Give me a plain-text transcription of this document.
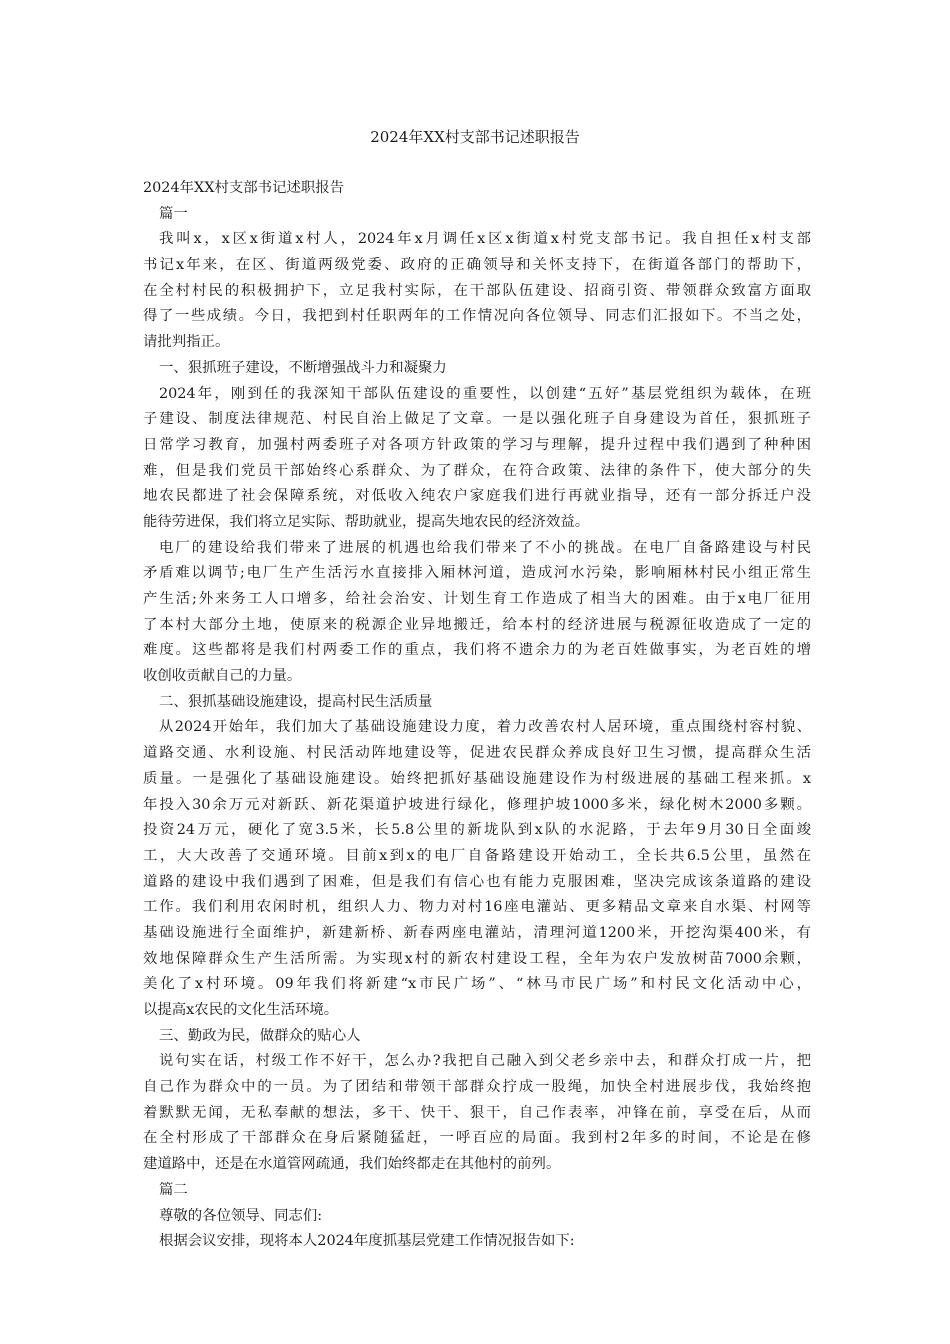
2024年XX村支部书记述职报告
2024年XX村支部书记述职报告
篇一
我叫x，x区x街道x村人，2024年x月调任x区x街道x村党支部书记。我自担任x村支部
书记x年来，在区、街道两级党委、政府的正确领导和关怀支持下，在街道各部门的帮助下，
在全村村民的积极拥护下，立足我村实际，在干部队伍建设、招商引资、带领群众致富方面取
得了一些成绩。今日，我把到村任职两年的工作情况向各位领导、同志们汇报如下。不当之处，
请批判指正。
一、狠抓班子建设，不断增强战斗力和凝聚力
2024年，刚到任的我深知干部队伍建设的重要性，以创建“五好”基层党组织为载体，在班
子建设、制度法律规范、村民自治上做足了文章。一是以强化班子自身建设为首任，狠抓班子
日常学习教育，加强村两委班子对各项方针政策的学习与理解，提升过程中我们遇到了种种困
难，但是我们党员干部始终心系群众、为了群众，在符合政策、法律的条件下，使大部分的失
地农民都进了社会保障系统，对低收入纯农户家庭我们进行再就业指导，还有一部分拆迁户没
能待劳进保，我们将立足实际、帮助就业，提高失地农民的经济效益。
电厂的建设给我们带来了进展的机遇也给我们带来了不小的挑战。在电厂自备路建设与村民
矛盾难以调节;电厂生产生活污水直接排入厢林河道，造成河水污染，影响厢林村民小组正常生
产生活;外来务工人口增多，给社会治安、计划生育工作造成了相当大的困难。由于x电厂征用
了本村大部分土地，使原来的税源企业异地搬迁，给本村的经济进展与税源征收造成了一定的
难度。这些都将是我们村两委工作的重点，我们将不遗余力的为老百姓做事实，为老百姓的增
收创收贡献自己的力量。
二、狠抓基础设施建设，提高村民生活质量
从2024开始年，我们加大了基础设施建设力度，着力改善农村人居环境，重点围绕村容村貌、
道路交通、水利设施、村民活动阵地建设等，促进农民群众养成良好卫生习惯，提高群众生活
质量。一是强化了基础设施建设。始终把抓好基础设施建设作为村级进展的基础工程来抓。x
年投入30余万元对新跃、新花渠道护坡进行绿化，修理护坡1000多米，绿化树木2000多颗。
投资24万元，硬化了宽3.5米，长5.8公里的新垅队到x队的水泥路，于去年9月30日全面竣
工，大大改善了交通环境。目前x到x的电厂自备路建设开始动工，全长共6.5公里，虽然在
道路的建设中我们遇到了困难，但是我们有信心也有能力克服困难，坚决完成该条道路的建设
工作。我们利用农闲时机，组织人力、物力对村16座电灌站、更多精品文章来自水渠、村网等
基础设施进行全面维护，新建新桥、新春两座电灌站，清理河道1200米，开挖沟渠400米，有
效地保障群众生产生活所需。为实现x村的新农村建设工程，全年为农户发放树苗7000余颗，
美化了x村环境。09年我们将新建“x市民广场”、“林马市民广场”和村民文化活动中心，
以提高x农民的文化生活环境。
三、勤政为民，做群众的贴心人
说句实在话，村级工作不好干，怎么办?我把自己融入到父老乡亲中去，和群众打成一片，把
自己作为群众中的一员。为了团结和带领干部群众拧成一股绳，加快全村进展步伐，我始终抱
着默默无闻，无私奉献的想法，多干、快干、狠干，自己作表率，冲锋在前，享受在后，从而
在全村形成了干部群众在身后紧随猛赶，一呼百应的局面。我到村2年多的时间，不论是在修
建道路中，还是在水道管网疏通，我们始终都走在其他村的前列。
篇二
尊敬的各位领导、同志们:
根据会议安排，现将本人2024年度抓基层党建工作情况报告如下:
